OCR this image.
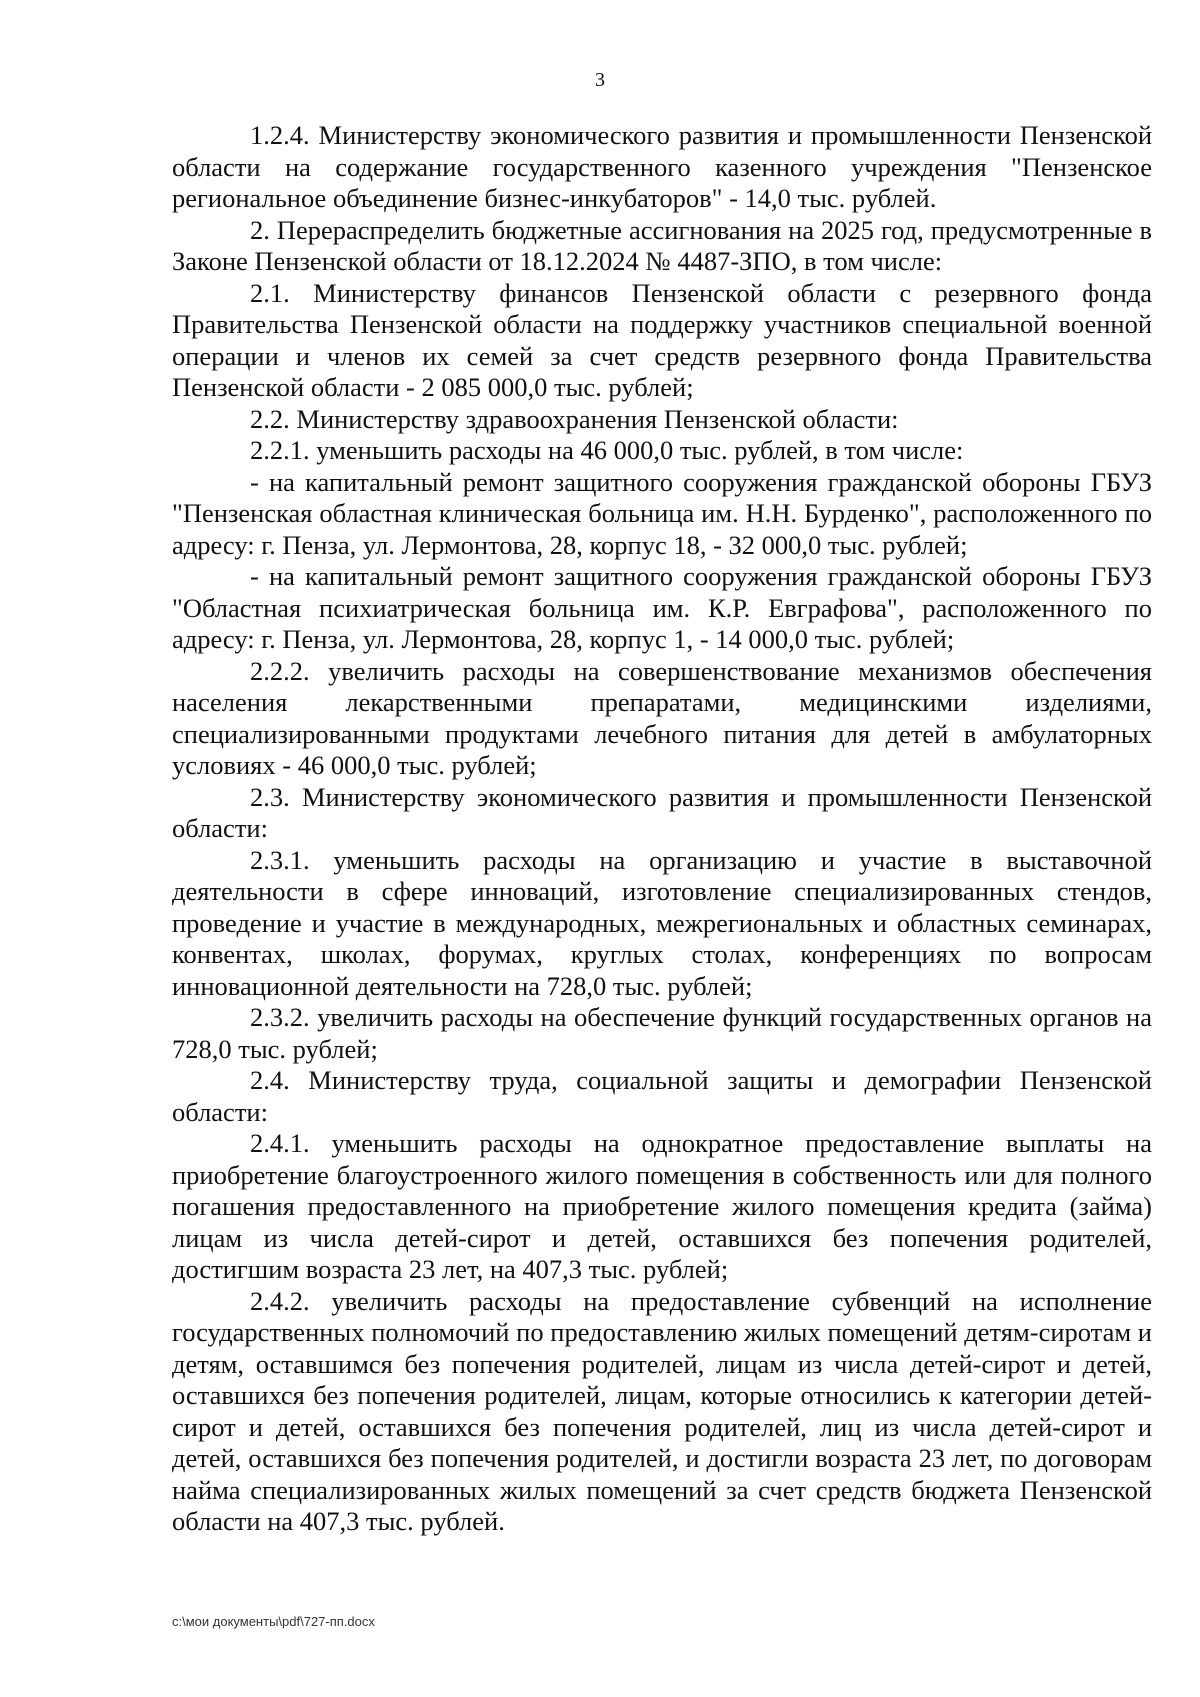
3

1.2.4. Министерству экономического развития и промышленности Пензенской области на содержание государственного казенного учреждения "Пензенское региональное объединение бизнес-инкубаторов" - 14,0 тыс. рублей.

2. Перераспределить бюджетные ассигнования на 2025 год, предусмотренные в Законе Пензенской области от 18.12.2024 № 4487-ЗПО, в том числе:

2.1. Министерству финансов Пензенской области с резервного фонда Правительства Пензенской области на поддержку участников специальной военной операции и членов их семей за счет средств резервного фонда Правительства Пензенской области - 2 085 000,0 тыс. рублей;

2.2. Министерству здравоохранения Пензенской области:

2.2.1. уменьшить расходы на 46 000,0 тыс. рублей, в том числе:

- на капитальный ремонт защитного сооружения гражданской обороны ГБУЗ "Пензенская областная клиническая больница им. Н.Н. Бурденко", расположенного по адресу: г. Пенза, ул. Лермонтова, 28, корпус 18, - 32 000,0 тыс. рублей;

- на капитальный ремонт защитного сооружения гражданской обороны ГБУЗ "Областная психиатрическая больница им. К.Р. Евграфова", расположенного по адресу: г. Пенза, ул. Лермонтова, 28, корпус 1, - 14 000,0 тыс. рублей;

2.2.2. увеличить расходы на совершенствование механизмов обеспечения населения лекарственными препаратами, медицинскими изделиями, специализированными продуктами лечебного питания для детей в амбулаторных условиях - 46 000,0 тыс. рублей;

2.3. Министерству экономического развития и промышленности Пензенской области:

2.3.1. уменьшить расходы на организацию и участие в выставочной деятельности в сфере инноваций, изготовление специализированных стендов, проведение и участие в международных, межрегиональных и областных семинарах, конвентах, школах, форумах, круглых столах, конференциях по вопросам инновационной деятельности на 728,0 тыс. рублей;

2.3.2. увеличить расходы на обеспечение функций государственных органов на 728,0 тыс. рублей;

2.4. Министерству труда, социальной защиты и демографии Пензенской области:

2.4.1. уменьшить расходы на однократное предоставление выплаты на приобретение благоустроенного жилого помещения в собственность или для полного погашения предоставленного на приобретение жилого помещения кредита (займа) лицам из числа детей-сирот и детей, оставшихся без попечения родителей, достигшим возраста 23 лет, на 407,3 тыс. рублей;

2.4.2. увеличить расходы на предоставление субвенций на исполнение государственных полномочий по предоставлению жилых помещений детям-сиротам и детям, оставшимся без попечения родителей, лицам из числа детей-сирот и детей, оставшихся без попечения родителей, лицам, которые относились к категории детей-сирот и детей, оставшихся без попечения родителей, лиц из числа детей-сирот и детей, оставшихся без попечения родителей, и достигли возраста 23 лет, по договорам найма специализированных жилых помещений за счет средств бюджета Пензенской области на 407,3 тыс. рублей.

c:\мои документы\pdf\727-пп.docx
